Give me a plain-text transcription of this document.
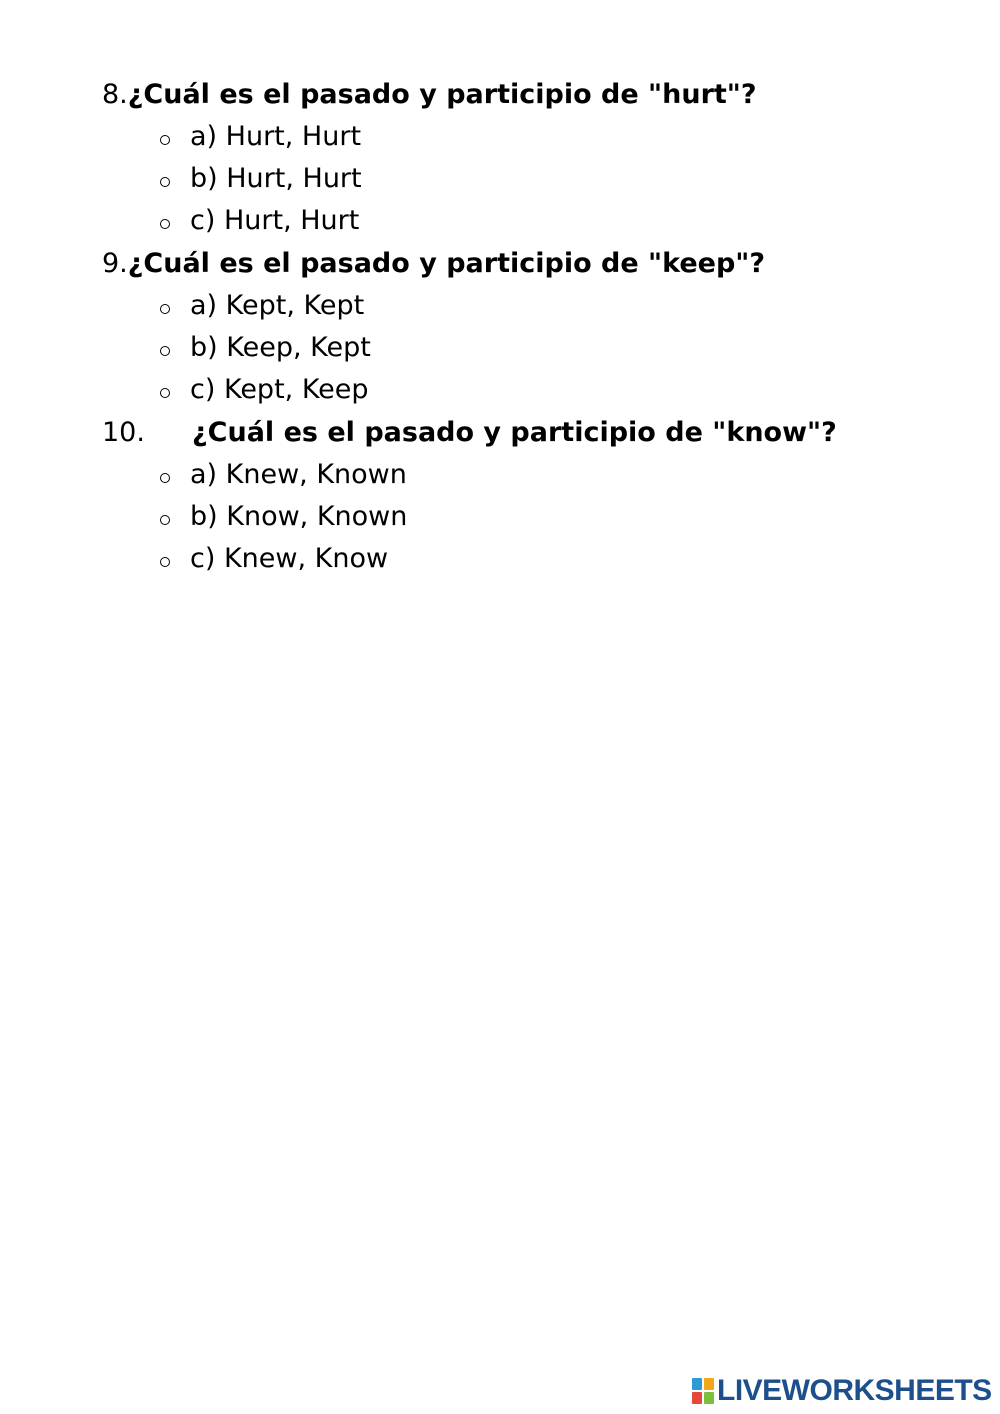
8.¿Cuál es el pasado y participio de "hurt"?
a) Hurt, Hurt
b) Hurt, Hurt
c) Hurt, Hurt
9.¿Cuál es el pasado y participio de "keep"?
a) Kept, Kept
b) Keep, Kept
c) Kept, Keep
10. ¿Cuál es el pasado y participio de "know"?
a) Knew, Known
b) Know, Known
c) Knew, Know
LIVEWORKSHEETS
